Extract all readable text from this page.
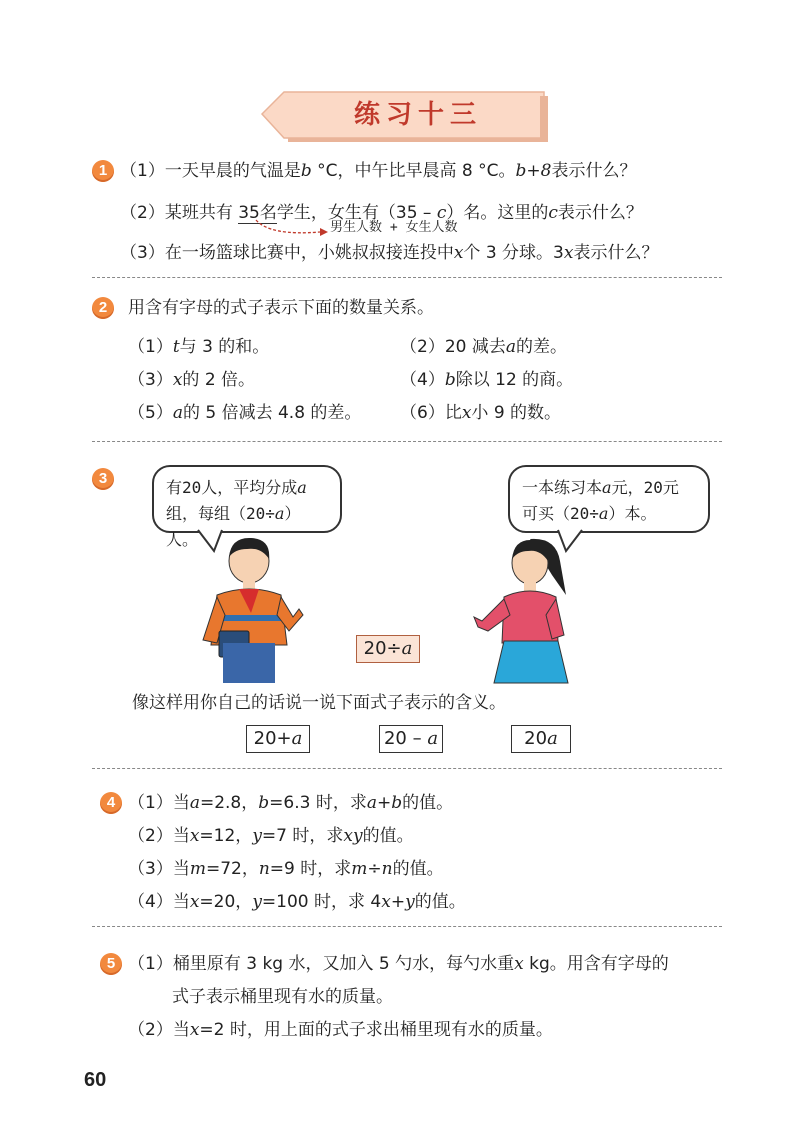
练习十三
1 （1）一天早晨的气温是b °C，中午比早晨高 8 °C。b+8表示什么？
（2）某班共有 35名学生，女生有（35 – c）名。这里的c表示什么？
男生人数 + 女生人数
（3）在一场篮球比赛中，小姚叔叔接连投中x个 3 分球。3x表示什么？
2	用含有字母的式子表示下面的数量关系。
（1）t与 3 的和。	（2）20 减去a的差。
（3）x的 2 倍。	（4）b除以 12 的商。
（5）a的 5 倍减去 4.8 的差。 （6）比x小 9 的数。
3	有20人，平均分成a
组，每组（20÷a）人。
一本练习本a元，20元
可买（20÷a）本。
20÷a
像这样用你自己的话说一说下面式子表示的含义。
20+a	20 – a	20a
4 （1）当a=2.8，b=6.3 时，求a+b的值。
（2）当x=12，y=7 时，求xy的值。
（3）当m=72，n=9 时，求m÷n的值。
（4）当x=20，y=100 时，求 4x+y的值。
5 （1）桶里原有 3 kg 水，又加入 5 勺水，每勺水重x kg。用含有字母的
式子表示桶里现有水的质量。
（2）当x=2 时，用上面的式子求出桶里现有水的质量。
60
